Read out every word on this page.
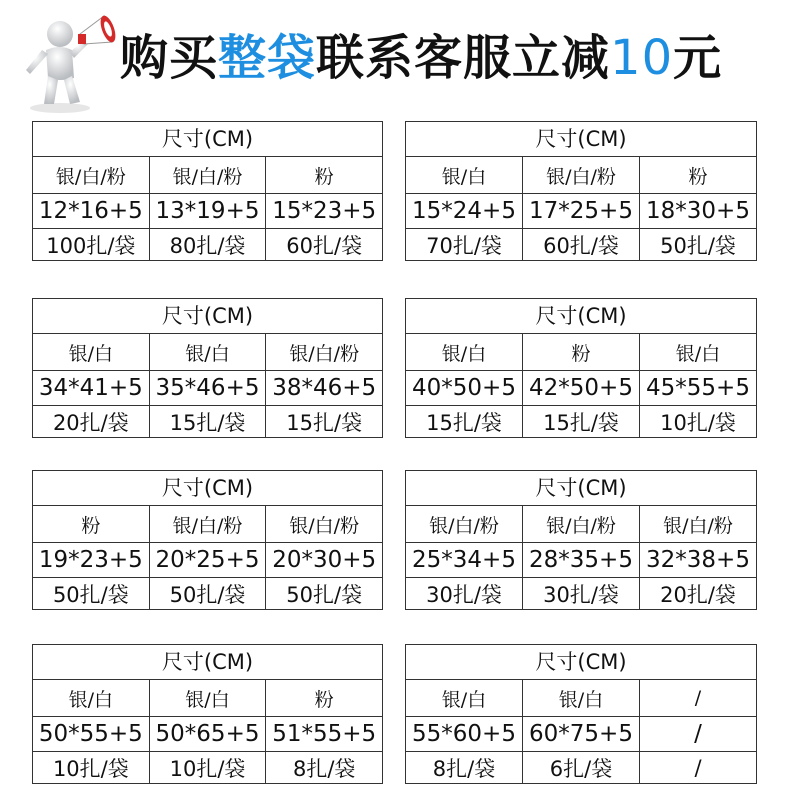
购买整袋联系客服立减10元
尺寸(CM)
银/白/粉	银/白/粉	粉
12*16+5 13*19+5 15*23+5
100扎/袋	80扎/袋	60扎/袋
尺寸(CM)
银/白	银/白/粉	粉
15*24+5 17*25+5 18*30+5
70扎/袋	60扎/袋	50扎/袋
尺寸(CM)
银/白	银/白	银/白/粉
34*41+5 35*46+5 38*46+5
20扎/袋	15扎/袋	15扎/袋
尺寸(CM)
银/白	粉	银/白
40*50+5 42*50+5 45*55+5
15扎/袋	15扎/袋	10扎/袋
尺寸(CM)
粉	银/白/粉	银/白/粉
19*23+5 20*25+5 20*30+5
50扎/袋	50扎/袋	50扎/袋
尺寸(CM)
银/白/粉	银/白/粉	银/白/粉
25*34+5 28*35+5 32*38+5
30扎/袋	30扎/袋	20扎/袋
尺寸(CM)
银/白	银/白	粉
50*55+5 50*65+5 51*55+5
10扎/袋	10扎/袋	8扎/袋
尺寸(CM)
银/白	银/白	/
55*60+5 60*75+5	/
8扎/袋	6扎/袋	/
